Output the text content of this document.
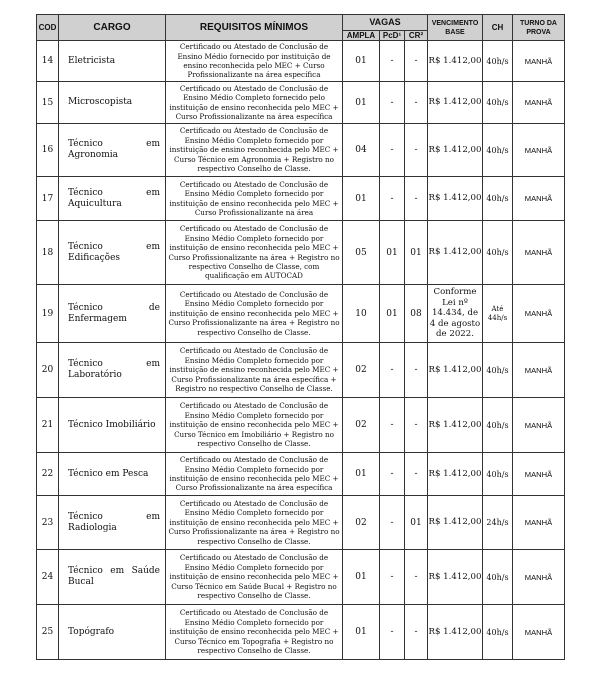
COD	CARGO	REQUISITOS MÍNIMOS	VAGAS			VENCIMENTO BASE	CH	TURNO DA PROVA
			AMPLA	PcD¹	CR²			
14	Eletricista	Certificado ou Atestado de Conclusão de Ensino Médio fornecido por instituição de ensino reconhecida pelo MEC + Curso Profissionalizante na área específica	01	-	-	R$ 1.412,00	40h/s	MANHÃ
15	Microscopista	Certificado ou Atestado de Conclusão de Ensino Médio Completo fornecido pelo instituição de ensino reconhecida pelo MEC + Curso Profissionalizante na área específica	01	-	-	R$ 1.412,00	40h/s	MANHÃ
16	Técnico em Agronomia	Certificado ou Atestado de Conclusão de Ensino Médio Completo fornecido por instituição de ensino reconhecida pelo MEC + Curso Técnico em Agronomia + Registro no respectivo Conselho de Classe.	04	-	-	R$ 1.412,00	40h/s	MANHÃ
17	Técnico em Aquicultura	Certificado ou Atestado de Conclusão de Ensino Médio Completo fornecido por instituição de ensino reconhecida pelo MEC + Curso Profissionalizante na área	01	-	-	R$ 1.412,00	40h/s	MANHÃ
18	Técnico em Edificações	Certificado ou Atestado de Conclusão de Ensino Médio Completo fornecido por instituição de ensino reconhecida pelo MEC + Curso Profissionalizante na área + Registro no respectivo Conselho de Classe, com qualificação em AUTOCAD	05	01	01	R$ 1.412,00	40h/s	MANHÃ
19	Técnico de Enfermagem	Certificado ou Atestado de Conclusão de Ensino Médio Completo fornecido por instituição de ensino reconhecida pelo MEC + Curso Profissionalizante na área + Registro no respectivo Conselho de Classe.	10	01	08	Conforme Lei nº 14.434, de 4 de agosto de 2022.	Até 44h/s	MANHÃ
20	Técnico em Laboratório	Certificado ou Atestado de Conclusão de Ensino Médio Completo fornecido por instituição de ensino reconhecida pelo MEC + Curso Profissionalizante na área específica + Registro no respectivo Conselho de Classe.	02	-	-	R$ 1.412,00	40h/s	MANHÃ
21	Técnico Imobiliário	Certificado ou Atestado de Conclusão de Ensino Médio Completo fornecido por instituição de ensino reconhecida pelo MEC + Curso Técnico em Imobiliário + Registro no respectivo Conselho de Classe.	02	-	-	R$ 1.412,00	40h/s	MANHÃ
22	Técnico em Pesca	Certificado ou Atestado de Conclusão de Ensino Médio Completo fornecido por instituição de ensino reconhecida pelo MEC + Curso Profissionalizante na área específica	01	-	-	R$ 1.412,00	40h/s	MANHÃ
23	Técnico em Radiologia	Certificado ou Atestado de Conclusão de Ensino Médio Completo fornecido por instituição de ensino reconhecida pelo MEC + Curso Profissionalizante na área + Registro no respectivo Conselho de Classe.	02	-	01	R$ 1.412,00	24h/s	MANHÃ
24	Técnico em Saúde Bucal	Certificado ou Atestado de Conclusão de Ensino Médio Completo fornecido por instituição de ensino reconhecida pelo MEC + Curso Técnico em Saúde Bucal + Registro no respectivo Conselho de Classe.	01	-	-	R$ 1.412,00	40h/s	MANHÃ
25	Topógrafo	Certificado ou Atestado de Conclusão de Ensino Médio Completo fornecido por instituição de ensino reconhecida pelo MEC + Curso Técnico em Topografia + Registro no respectivo Conselho de Classe.	01	-	-	R$ 1.412,00	40h/s	MANHÃ
